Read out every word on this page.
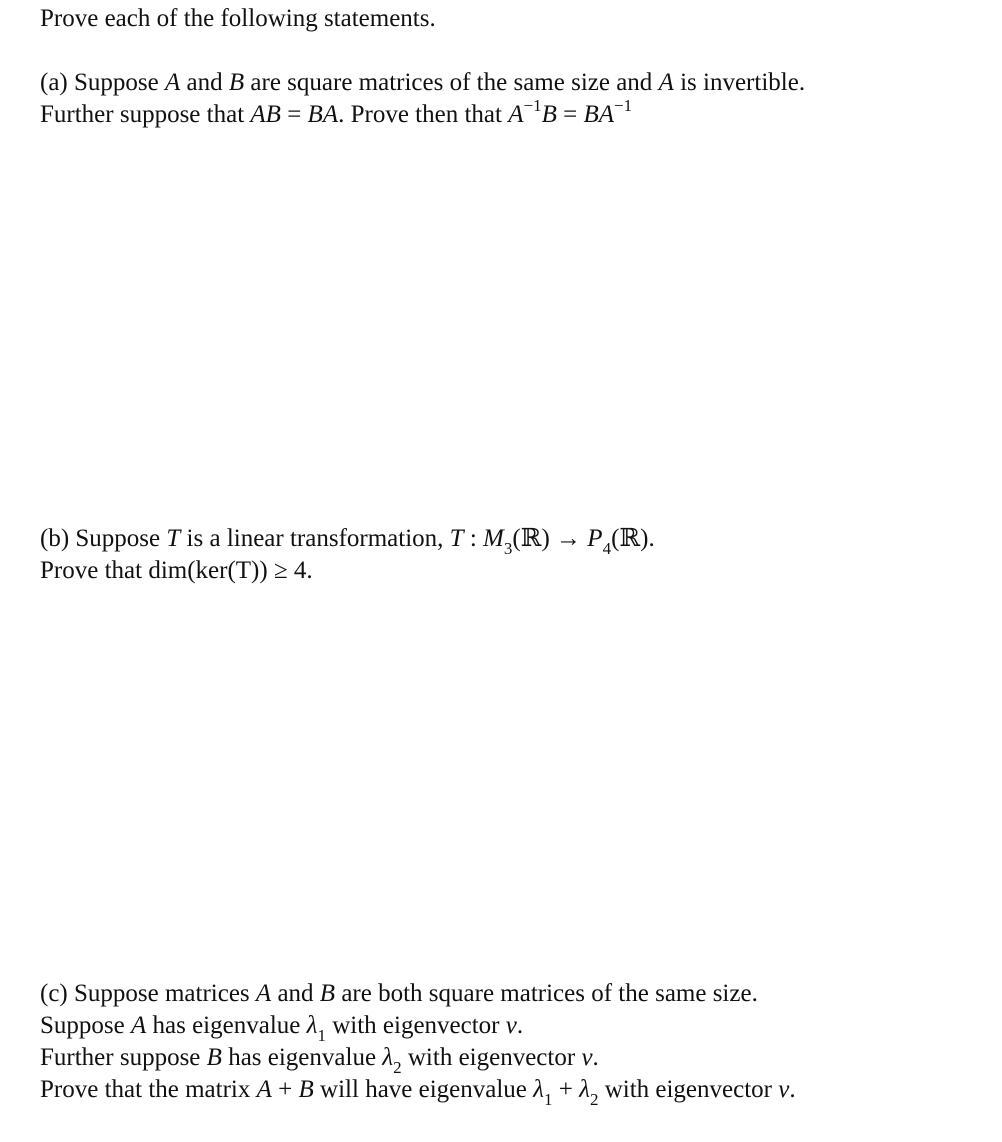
Prove each of the following statements.
(a) Suppose A and B are square matrices of the same size and A is invertible.
Further suppose that AB = BA. Prove then that $A^{-1}B = BA^{-1}$
(b) Suppose T is a linear transformation, T : $M_3(ℝ)$ → $P_4(ℝ)$.
Prove that dim(ker(T)) ≥ 4.
(c) Suppose matrices A and B are both square matrices of the same size.
Suppose A has eigenvalue $\lambda_1$ with eigenvector v.
Further suppose B has eigenvalue $\lambda_2$ with eigenvector v.
Prove that the matrix A + B will have eigenvalue $\lambda_1 + \lambda_2$ with eigenvector v.
